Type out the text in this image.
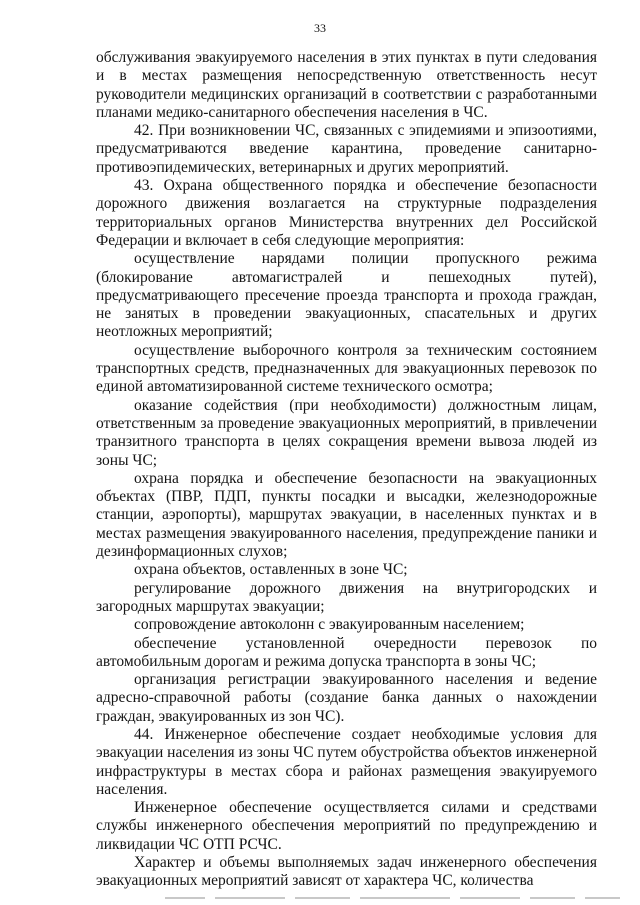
33

обслуживания эвакуируемого населения в этих пунктах в пути следования и в местах размещения непосредственную ответственность несут руководители медицинских организаций в соответствии с разработанными планами медико-санитарного обеспечения населения в ЧС.

42. При возникновении ЧС, связанных с эпидемиями и эпизоотиями, предусматриваются введение карантина, проведение санитарно-противоэпидемических, ветеринарных и других мероприятий.

43. Охрана общественного порядка и обеспечение безопасности дорожного движения возлагается на структурные подразделения территориальных органов Министерства внутренних дел Российской Федерации и включает в себя следующие мероприятия:

осуществление нарядами полиции пропускного режима (блокирование автомагистралей и пешеходных путей), предусматривающего пресечение проезда транспорта и прохода граждан, не занятых в проведении эвакуационных, спасательных и других неотложных мероприятий;

осуществление выборочного контроля за техническим состоянием транспортных средств, предназначенных для эвакуационных перевозок по единой автоматизированной системе технического осмотра;

оказание содействия (при необходимости) должностным лицам, ответственным за проведение эвакуационных мероприятий, в привлечении транзитного транспорта в целях сокращения времени вывоза людей из зоны ЧС;

охрана порядка и обеспечение безопасности на эвакуационных объектах (ПВР, ПДП, пункты посадки и высадки, железнодорожные станции, аэропорты), маршрутах эвакуации, в населенных пунктах и в местах размещения эвакуированного населения, предупреждение паники и дезинформационных слухов;

охрана объектов, оставленных в зоне ЧС;

регулирование дорожного движения на внутригородских и загородных маршрутах эвакуации;

сопровождение автоколонн с эвакуированным населением;

обеспечение установленной очередности перевозок по автомобильным дорогам и режима допуска транспорта в зоны ЧС;

организация регистрации эвакуированного населения и ведение адресно-справочной работы (создание банка данных о нахождении граждан, эвакуированных из зон ЧС).

44. Инженерное обеспечение создает необходимые условия для эвакуации населения из зоны ЧС путем обустройства объектов инженерной инфраструктуры в местах сбора и районах размещения эвакуируемого населения.

Инженерное обеспечение осуществляется силами и средствами службы инженерного обеспечения мероприятий по предупреждению и ликвидации ЧС ОТП РСЧС.

Характер и объемы выполняемых задач инженерного обеспечения эвакуационных мероприятий зависят от характера ЧС, количества
